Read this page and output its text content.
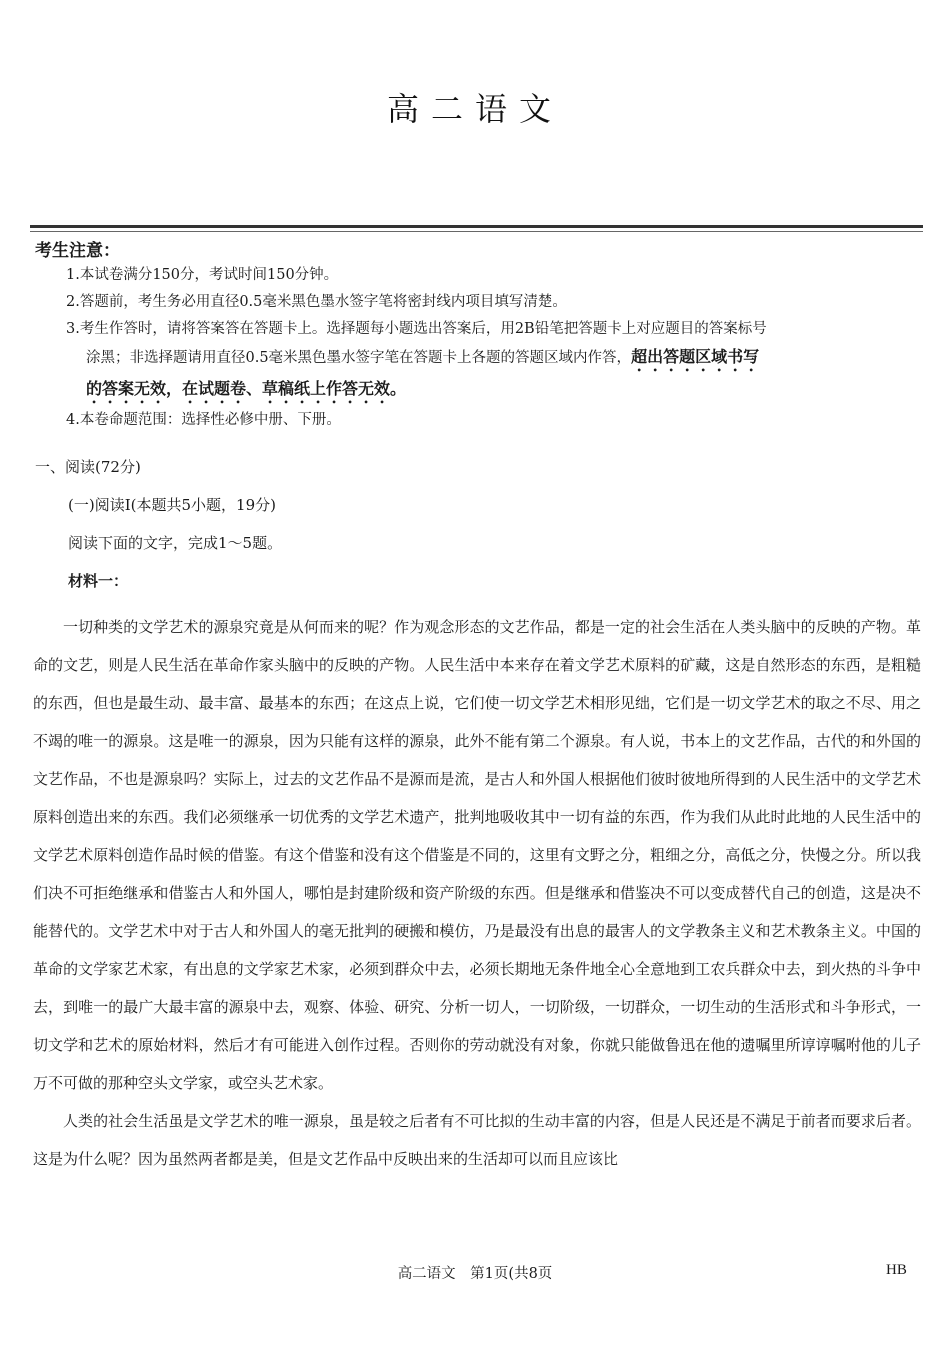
高二语文
考生注意：

1.本试卷满分150分，考试时间150分钟。

2.答题前，考生务必用直径0.5毫米黑色墨水签字笔将密封线内项目填写清楚。

3.考生作答时，请将答案答在答题卡上。选择题每小题选出答案后，用2B铅笔把答题卡上对应题目的答案标号

涂黑；非选择题请用直径0.5毫米黑色墨水签字笔在答题卡上各题的答题区域内作答，超出答题区域书写

的答案无效，在试题卷、草稿纸上作答无效。

4.本卷命题范围：选择性必修中册、下册。

一、阅读(72分)
(一)阅读Ⅰ(本题共5小题，19分)
阅读下面的文字，完成1～5题。
材料一：

一切种类的文学艺术的源泉究竟是从何而来的呢？作为观念形态的文艺作品，都是一定的社会生活在人类头脑中的反映的产物。革命的文艺，则是人民生活在革命作家头脑中的反映的产物。人民生活中本来存在着文学艺术原料的矿藏，这是自然形态的东西，是粗糙的东西，但也是最生动、最丰富、最基本的东西；在这点上说，它们使一切文学艺术相形见绌，它们是一切文学艺术的取之不尽、用之不竭的唯一的源泉。这是唯一的源泉，因为只能有这样的源泉，此外不能有第二个源泉。有人说，书本上的文艺作品，古代的和外国的文艺作品，不也是源泉吗？实际上，过去的文艺作品不是源而是流，是古人和外国人根据他们彼时彼地所得到的人民生活中的文学艺术原料创造出来的东西。我们必须继承一切优秀的文学艺术遗产，批判地吸收其中一切有益的东西，作为我们从此时此地的人民生活中的文学艺术原料创造作品时候的借鉴。有这个借鉴和没有这个借鉴是不同的，这里有文野之分，粗细之分，高低之分，快慢之分。所以我们决不可拒绝继承和借鉴古人和外国人，哪怕是封建阶级和资产阶级的东西。但是继承和借鉴决不可以变成替代自己的创造，这是决不能替代的。文学艺术中对于古人和外国人的毫无批判的硬搬和模仿，乃是最没有出息的最害人的文学教条主义和艺术教条主义。中国的革命的文学家艺术家，有出息的文学家艺术家，必须到群众中去，必须长期地无条件地全心全意地到工农兵群众中去，到火热的斗争中去，到唯一的最广大最丰富的源泉中去，观察、体验、研究、分析一切人，一切阶级，一切群众，一切生动的生活形式和斗争形式，一切文学和艺术的原始材料，然后才有可能进入创作过程。否则你的劳动就没有对象，你就只能做鲁迅在他的遗嘱里所谆谆嘱咐他的儿子万不可做的那种空头文学家，或空头艺术家。

人类的社会生活虽是文学艺术的唯一源泉，虽是较之后者有不可比拟的生动丰富的内容，但是人民还是不满足于前者而要求后者。这是为什么呢？因为虽然两者都是美，但是文艺作品中反映出来的生活却可以而且应该比

高二语文　第1页(共8页	HB
